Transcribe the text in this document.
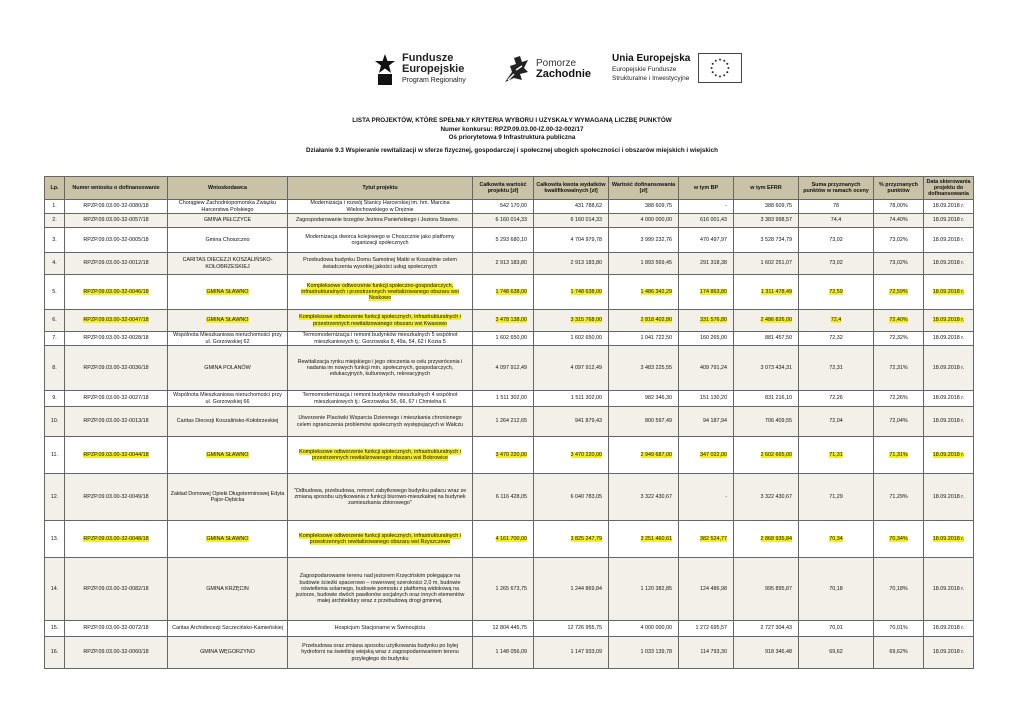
Fundusze
Europejskie
Program Regionalny
Pomorze
Zachodnie
Unia Europejska
Europejskie Fundusze
Strukturalne i Inwestycyjne
LISTA PROJEKTÓW, KTÓRE SPEŁNIŁY KRYTERIA WYBORU I UZYSKAŁY WYMAGANĄ LICZBĘ PUNKTÓW
Numer konkursu: RPZP.09.03.00-IZ.00-32-002/17
Oś priorytetowa 9 Infrastruktura publiczna
Działanie 9.3 Wspieranie rewitalizacji w sferze fizycznej, gospodarczej i społecznej ubogich społeczności i obszarów miejskich i wiejskich
Lp.	Numer wniosku o dofinansowanie	Wnioskodawca	Tytuł projektu	Całkowita wartość projektu [zł]	Całkowita kwota wydatków kwalifikowalnych [zł]	Wartość dofinansowania [zł]	w tym BP	w tym EFRR	Suma przyznanych punktów w ramach oceny	% przyznanych punktów	Data skierowania projektu do dofinansowania
1.	RPZP.09.03.00-32-0080/18	Chorągiew Zachodniopomorska Związku Harcerstwa Polskiego	Modernizacja i rozwój Stanicy Harcerskiej im. hm. Marcina Wielochowskiego w Drężnie	542 170,00	431 788,62	388 609,75	-	388 609,75	78	78,00%	18.09.2018 r.
2.	RPZP.09.03.00-32-0057/18	GMINA PEŁCZYCE	Zagospodarowanie brzegów Jeziora Panieńskiego i Jeziora Stawno.	6 160 014,33	6 160 014,33	4 000 000,00	616 001,43	3 383 998,57	74,4	74,40%	18.09.2018 r.
3.	RPZP.09.03.00-32-0005/18	Gmina Choszczno	Modernizacja dworca kolejowego w Choszcznie jako platformy organizacji społecznych	5 293 680,10	4 704 979,78	3 999 232,76	470 497,97	3 528 734,79	73,02	73,02%	18.09.2018 r.
4.	RPZP.09.03.00-32-0012/18	CARITAS DIECEZJI KOSZALIŃSKO-KOŁOBRZESKIEJ	Przebudowa budynku Domu Samotnej Matki w Koszalinie celem świadczenia wysokiej jakości usług społecznych	2 913 183,80	2 913 183,80	1 893 569,45	291 318,38	1 602 251,07	73,02	73,02%	18.09.2018 r.
5.	RPZP.09.03.00-32-0046/18	GMINA SŁAWNO	Kompleksowe odtworzenie funkcji społeczno-gospodarczych, infrastrukturalnych i przestrzennych rewitalizowanego obszaru wsi Noskowo	1 748 638,00	1 748 638,00	1 486 342,29	174 863,80	1 311 478,49	72,59	72,59%	18.09.2018 r.
6.	RPZP.09.03.00-32-0047/18	GMINA SŁAWNO	Kompleksowe odtworzenie funkcji społecznych, infrastrukturalnych i przestrzennych rewitalizowanego obszaru wsi Kwasowo	3 478 138,00	3 315 768,00	2 818 402,80	331 576,80	2 486 826,00	72,4	72,40%	18.09.2018 r.
7.	RPZP.09.03.00-32-0028/18	Wspólnota Mieszkaniowa nieruchomości przy ul. Gorzowskiej 62	Termomodernizacja i remont budynków mieszkalnych 5 wspólnot mieszkaniowych tj.: Gorzowska 8, 49a, 54, 62 i Kozia 5	1 602 650,00	1 602 650,00	1 041 722,50	160 265,00	881 457,50	72,32	72,32%	18.09.2018 r.
8.	RPZP.09.03.00-32-0036/18	GMINA POLANÓW	Rewitalizacja rynku miejskiego i jego otoczenia w celu przywrócenia i nadania im nowych funkcji min. społecznych, gospodarczych, edukacyjnych, kulturowych, rekreacyjnych	4 097 912,49	4 097 912,49	3 483 225,55	409 791,24	3 073 434,31	72,31	72,31%	18.09.2018 r.
9.	RPZP.09.03.00-32-0027/18	Wspólnota Mieszkaniowa nieruchomości przy ul. Gorzowskiej 66	Termomodernizacja i remont budynków mieszkalnych 4 wspólnot mieszkaniowych tj.: Gorzowska 56, 66, 67 i Chmielna 6	1 511 302,00	1 511 302,00	982 346,30	151 130,20	831 216,10	72,26	72,26%	18.09.2018 r.
10.	RPZP.09.03.00-32-0013/18	Caritas Diecezji Koszalińsko-Kołobrzeskiej	Utworzenie Placówki Wsparcia Dziennego i mieszkania chronionego celem ograniczenia problemów społecznych występujących w Wałczu	1 264 212,65	941 879,43	800 597,49	94 187,94	706 409,55	72,04	72,04%	18.09.2018 r.
11.	RPZP.09.03.00-32-0044/18	GMINA SŁAWNO	Kompleksowe odtworzenie funkcji społecznych, infrastrukturalnych i przestrzennych rewitalizowanego obszaru wsi Bobrowice	3 470 220,00	3 470 220,00	2 949 687,00	347 022,00	2 602 665,00	71,31	71,31%	18.09.2018 r.
12.	RPZP.09.03.00-32-0049/18	Zakład Domowej Opieki Długoterminowej Edyta Pajor-Dębicka	"Odbudowa, przebudowa, remont zabytkowego budynku pałacu wraz ze zmianą sposobu użytkowania z funkcji biurowo-mieszkalnej na budynek zamieszkania zbiorowego"	6 116 428,05	6 040 783,05	3 322 430,67	-	3 322 430,67	71,29	71,29%	18.09.2018 r.
13.	RPZP.09.03.00-32-0048/18	GMINA SŁAWNO	Kompleksowe odtworzenie funkcji społecznych, infrastrukturalnych i przestrzennych rewitalizowanego obszaru wsi Rzyszczewo	4 161 700,00	3 825 247,79	3 251 460,61	382 524,77	2 868 935,84	70,34	70,34%	18.09.2018 r.
14.	RPZP.09.03.00-32-0082/18	GMINA KRZĘCIN	Zagospodarowanie terenu nad jeziorem Krzęcińskim polegające na budowie ścieżki spacerowo – rowerowej szerokości 2,0 m, budowie oświetlenia solarnego, budowie pomostu z platformą widokową na jeziorze, budowie dwóch pawilonów socjalnych oraz innych elementów małej architektury wraz z przebudową drogi gminnej.	1 265 673,75	1 244 869,84	1 120 382,85	124 486,98	995 895,87	70,18	70,18%	18.09.2018 r.
15.	RPZP.09.03.00-32-0072/18	Caritas Archidiecezji Szczecińsko-Kamieńskiej	Hospicjum Stacjonarne w Świnoujściu	12 804 445,75	12 726 955,75	4 000 000,00	1 272 695,57	2 727 304,43	70,01	70,01%	18.09.2018 r.
16.	RPZP.09.03.00-32-0060/18	GMINA WĘGORZYNO	Przebudowa oraz zmiana sposobu użytkowania budynku po byłej hydroforni na świetlicę wiejską wraz z zagospodarowaniem terenu przyległego do budynku	1 148 056,09	1 147 933,09	1 033 139,78	114 793,30	918 346,48	69,62	69,62%	18.09.2018 r.
